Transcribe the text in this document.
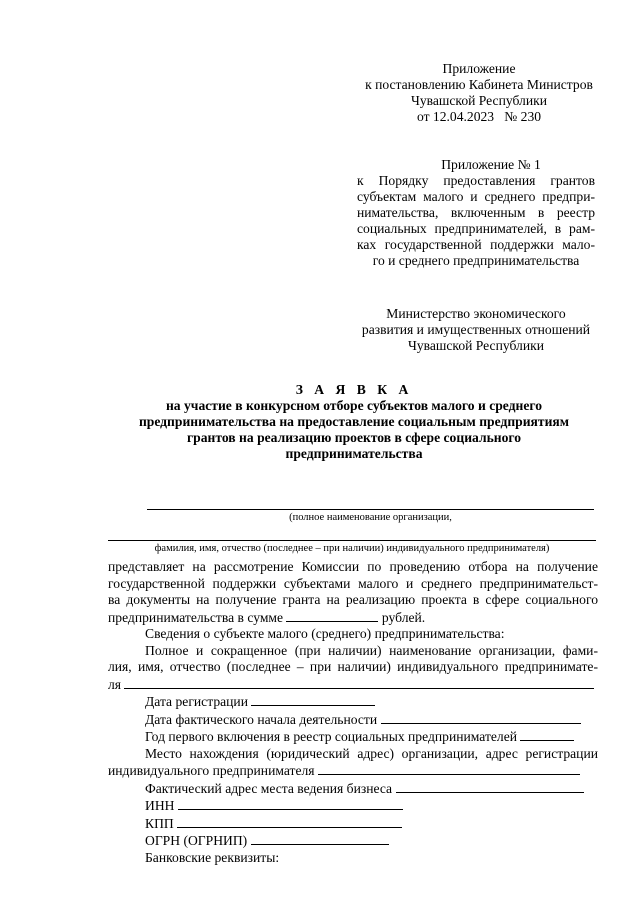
Приложение
к постановлению Кабинета Министров
Чувашской Республики
от 12.04.2023   № 230
Приложение № 1
к Порядку предоставления грантов
субъектам малого и среднего предпри-
нимательства, включенным в реестр
социальных предпринимателей, в рам-
ках государственной поддержки мало-
го и среднего предпринимательства
Министерство экономического
развития и имущественных отношений
Чувашской Республики
З А Я В К А
на участие в конкурсном отборе субъектов малого и среднего
предпринимательства на предоставление социальным предприятиям
грантов на реализацию проектов в сфере социального
предпринимательства
(полное наименование организации,
фамилия, имя, отчество (последнее – при наличии) индивидуального предпринимателя)
представляет на рассмотрение Комиссии по проведению отбора на получение
государственной поддержки субъектами малого и среднего предпринимательст-
ва документы на получение гранта на реализацию проекта в сфере социального
предпринимательства в сумме	рублей.
Сведения о субъекте малого (среднего) предпринимательства:
Полное и сокращенное (при наличии) наименование организации, фами-
лия, имя, отчество (последнее – при наличии) индивидуального предпринимате-
ля
Дата регистрации
Дата фактического начала деятельности
Год первого включения в реестр социальных предпринимателей
Место нахождения (юридический адрес) организации, адрес регистрации
индивидуального предпринимателя
Фактический адрес места ведения бизнеса
ИНН
КПП
ОГРН (ОГРНИП)
Банковские реквизиты:
